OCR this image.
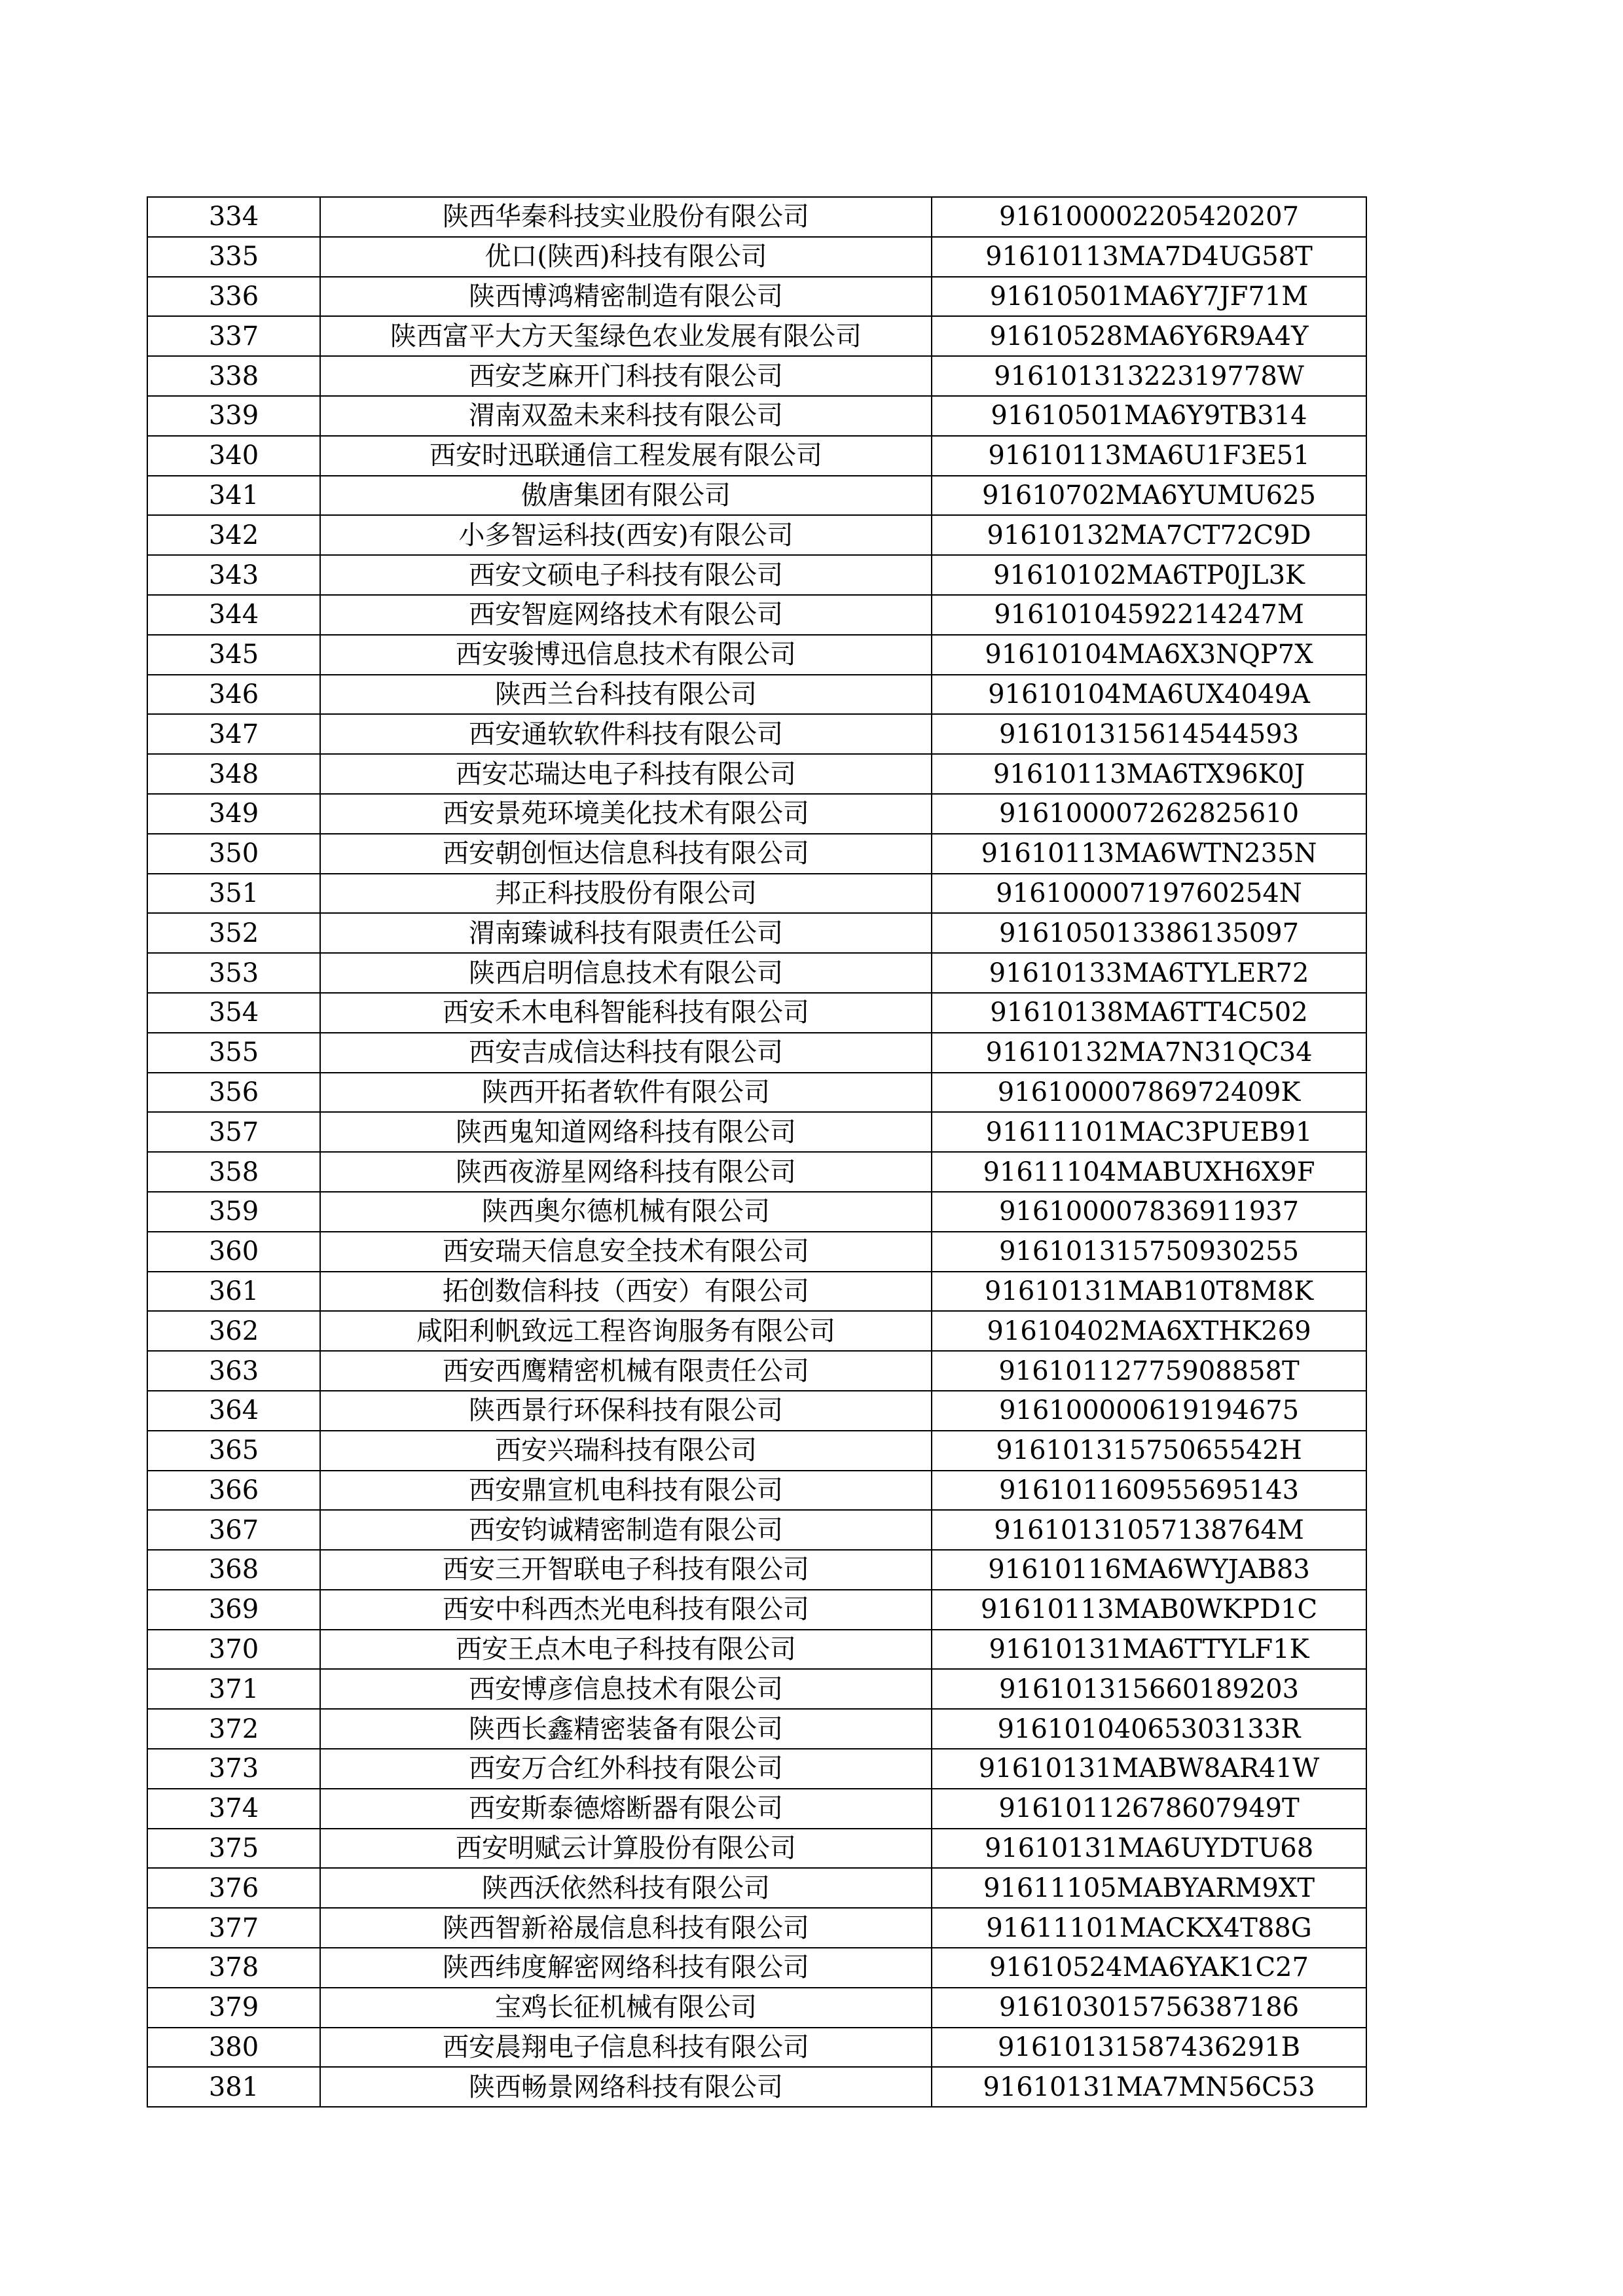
334	陕西华秦科技实业股份有限公司	916100002205420207
335	优口(陕西)科技有限公司	91610113MA7D4UG58T
336	陕西博鸿精密制造有限公司	91610501MA6Y7JF71M
337	陕西富平大方天玺绿色农业发展有限公司	91610528MA6Y6R9A4Y
338	西安芝麻开门科技有限公司	91610131322319778W
339	渭南双盈未来科技有限公司	91610501MA6Y9TB314
340	西安时迅联通信工程发展有限公司	91610113MA6U1F3E51
341	傲唐集团有限公司	91610702MA6YUMU625
342	小多智运科技(西安)有限公司	91610132MA7CT72C9D
343	西安文硕电子科技有限公司	91610102MA6TP0JL3K
344	西安智庭网络技术有限公司	91610104592214247M
345	西安骏博迅信息技术有限公司	91610104MA6X3NQP7X
346	陕西兰台科技有限公司	91610104MA6UX4049A
347	西安通软软件科技有限公司	916101315614544593
348	西安芯瑞达电子科技有限公司	91610113MA6TX96K0J
349	西安景苑环境美化技术有限公司	916100007262825610
350	西安朝创恒达信息科技有限公司	91610113MA6WTN235N
351	邦正科技股份有限公司	91610000719760254N
352	渭南臻诚科技有限责任公司	916105013386135097
353	陕西启明信息技术有限公司	91610133MA6TYLER72
354	西安禾木电科智能科技有限公司	91610138MA6TT4C502
355	西安吉成信达科技有限公司	91610132MA7N31QC34
356	陕西开拓者软件有限公司	91610000786972409K
357	陕西鬼知道网络科技有限公司	91611101MAC3PUEB91
358	陕西夜游星网络科技有限公司	91611104MABUXH6X9F
359	陕西奥尔德机械有限公司	916100007836911937
360	西安瑞天信息安全技术有限公司	916101315750930255
361	拓创数信科技（西安）有限公司	91610131MAB10T8M8K
362	咸阳利帆致远工程咨询服务有限公司	91610402MA6XTHK269
363	西安西鹰精密机械有限责任公司	91610112775908858T
364	陕西景行环保科技有限公司	916100000619194675
365	西安兴瑞科技有限公司	91610131575065542H
366	西安鼎宣机电科技有限公司	916101160955695143
367	西安钧诚精密制造有限公司	91610131057138764M
368	西安三开智联电子科技有限公司	91610116MA6WYJAB83
369	西安中科西杰光电科技有限公司	91610113MAB0WKPD1C
370	西安王点木电子科技有限公司	91610131MA6TTYLF1K
371	西安博彦信息技术有限公司	916101315660189203
372	陕西长鑫精密装备有限公司	91610104065303133R
373	西安万合红外科技有限公司	91610131MABW8AR41W
374	西安斯泰德熔断器有限公司	91610112678607949T
375	西安明赋云计算股份有限公司	91610131MA6UYDTU68
376	陕西沃依然科技有限公司	91611105MABYARM9XT
377	陕西智新裕晟信息科技有限公司	91611101MACKX4T88G
378	陕西纬度解密网络科技有限公司	91610524MA6YAK1C27
379	宝鸡长征机械有限公司	916103015756387186
380	西安晨翔电子信息科技有限公司	91610131587436291B
381	陕西畅景网络科技有限公司	91610131MA7MN56C53
